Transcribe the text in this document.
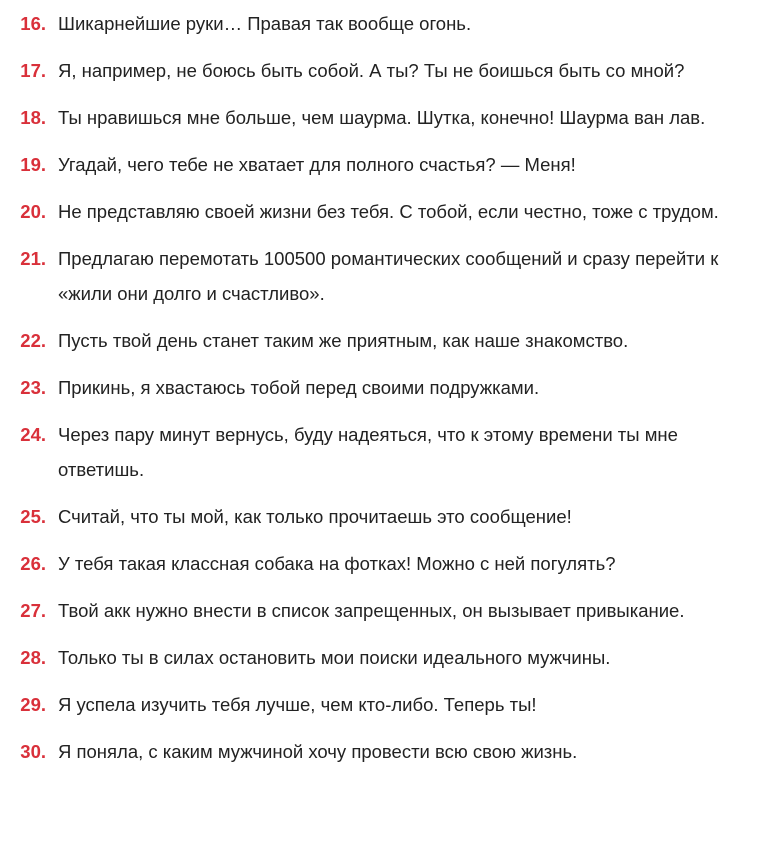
16. Шикарнейшие руки… Правая так вообще огонь.
17. Я, например, не боюсь быть собой. А ты? Ты не боишься быть со мной?
18. Ты нравишься мне больше, чем шаурма. Шутка, конечно! Шаурма ван лав.
19. Угадай, чего тебе не хватает для полного счастья? — Меня!
20. Не представляю своей жизни без тебя. С тобой, если честно, тоже с трудом.
21. Предлагаю перемотать 100500 романтических сообщений и сразу перейти к «жили они долго и счастливо».
22. Пусть твой день станет таким же приятным, как наше знакомство.
23. Прикинь, я хвастаюсь тобой перед своими подружками.
24. Через пару минут вернусь, буду надеяться, что к этому времени ты мне ответишь.
25. Считай, что ты мой, как только прочитаешь это сообщение!
26. У тебя такая классная собака на фотках! Можно с ней погулять?
27. Твой акк нужно внести в список запрещенных, он вызывает привыкание.
28. Только ты в силах остановить мои поиски идеального мужчины.
29. Я успела изучить тебя лучше, чем кто-либо. Теперь ты!
30. Я поняла, с каким мужчиной хочу провести всю свою жизнь.
